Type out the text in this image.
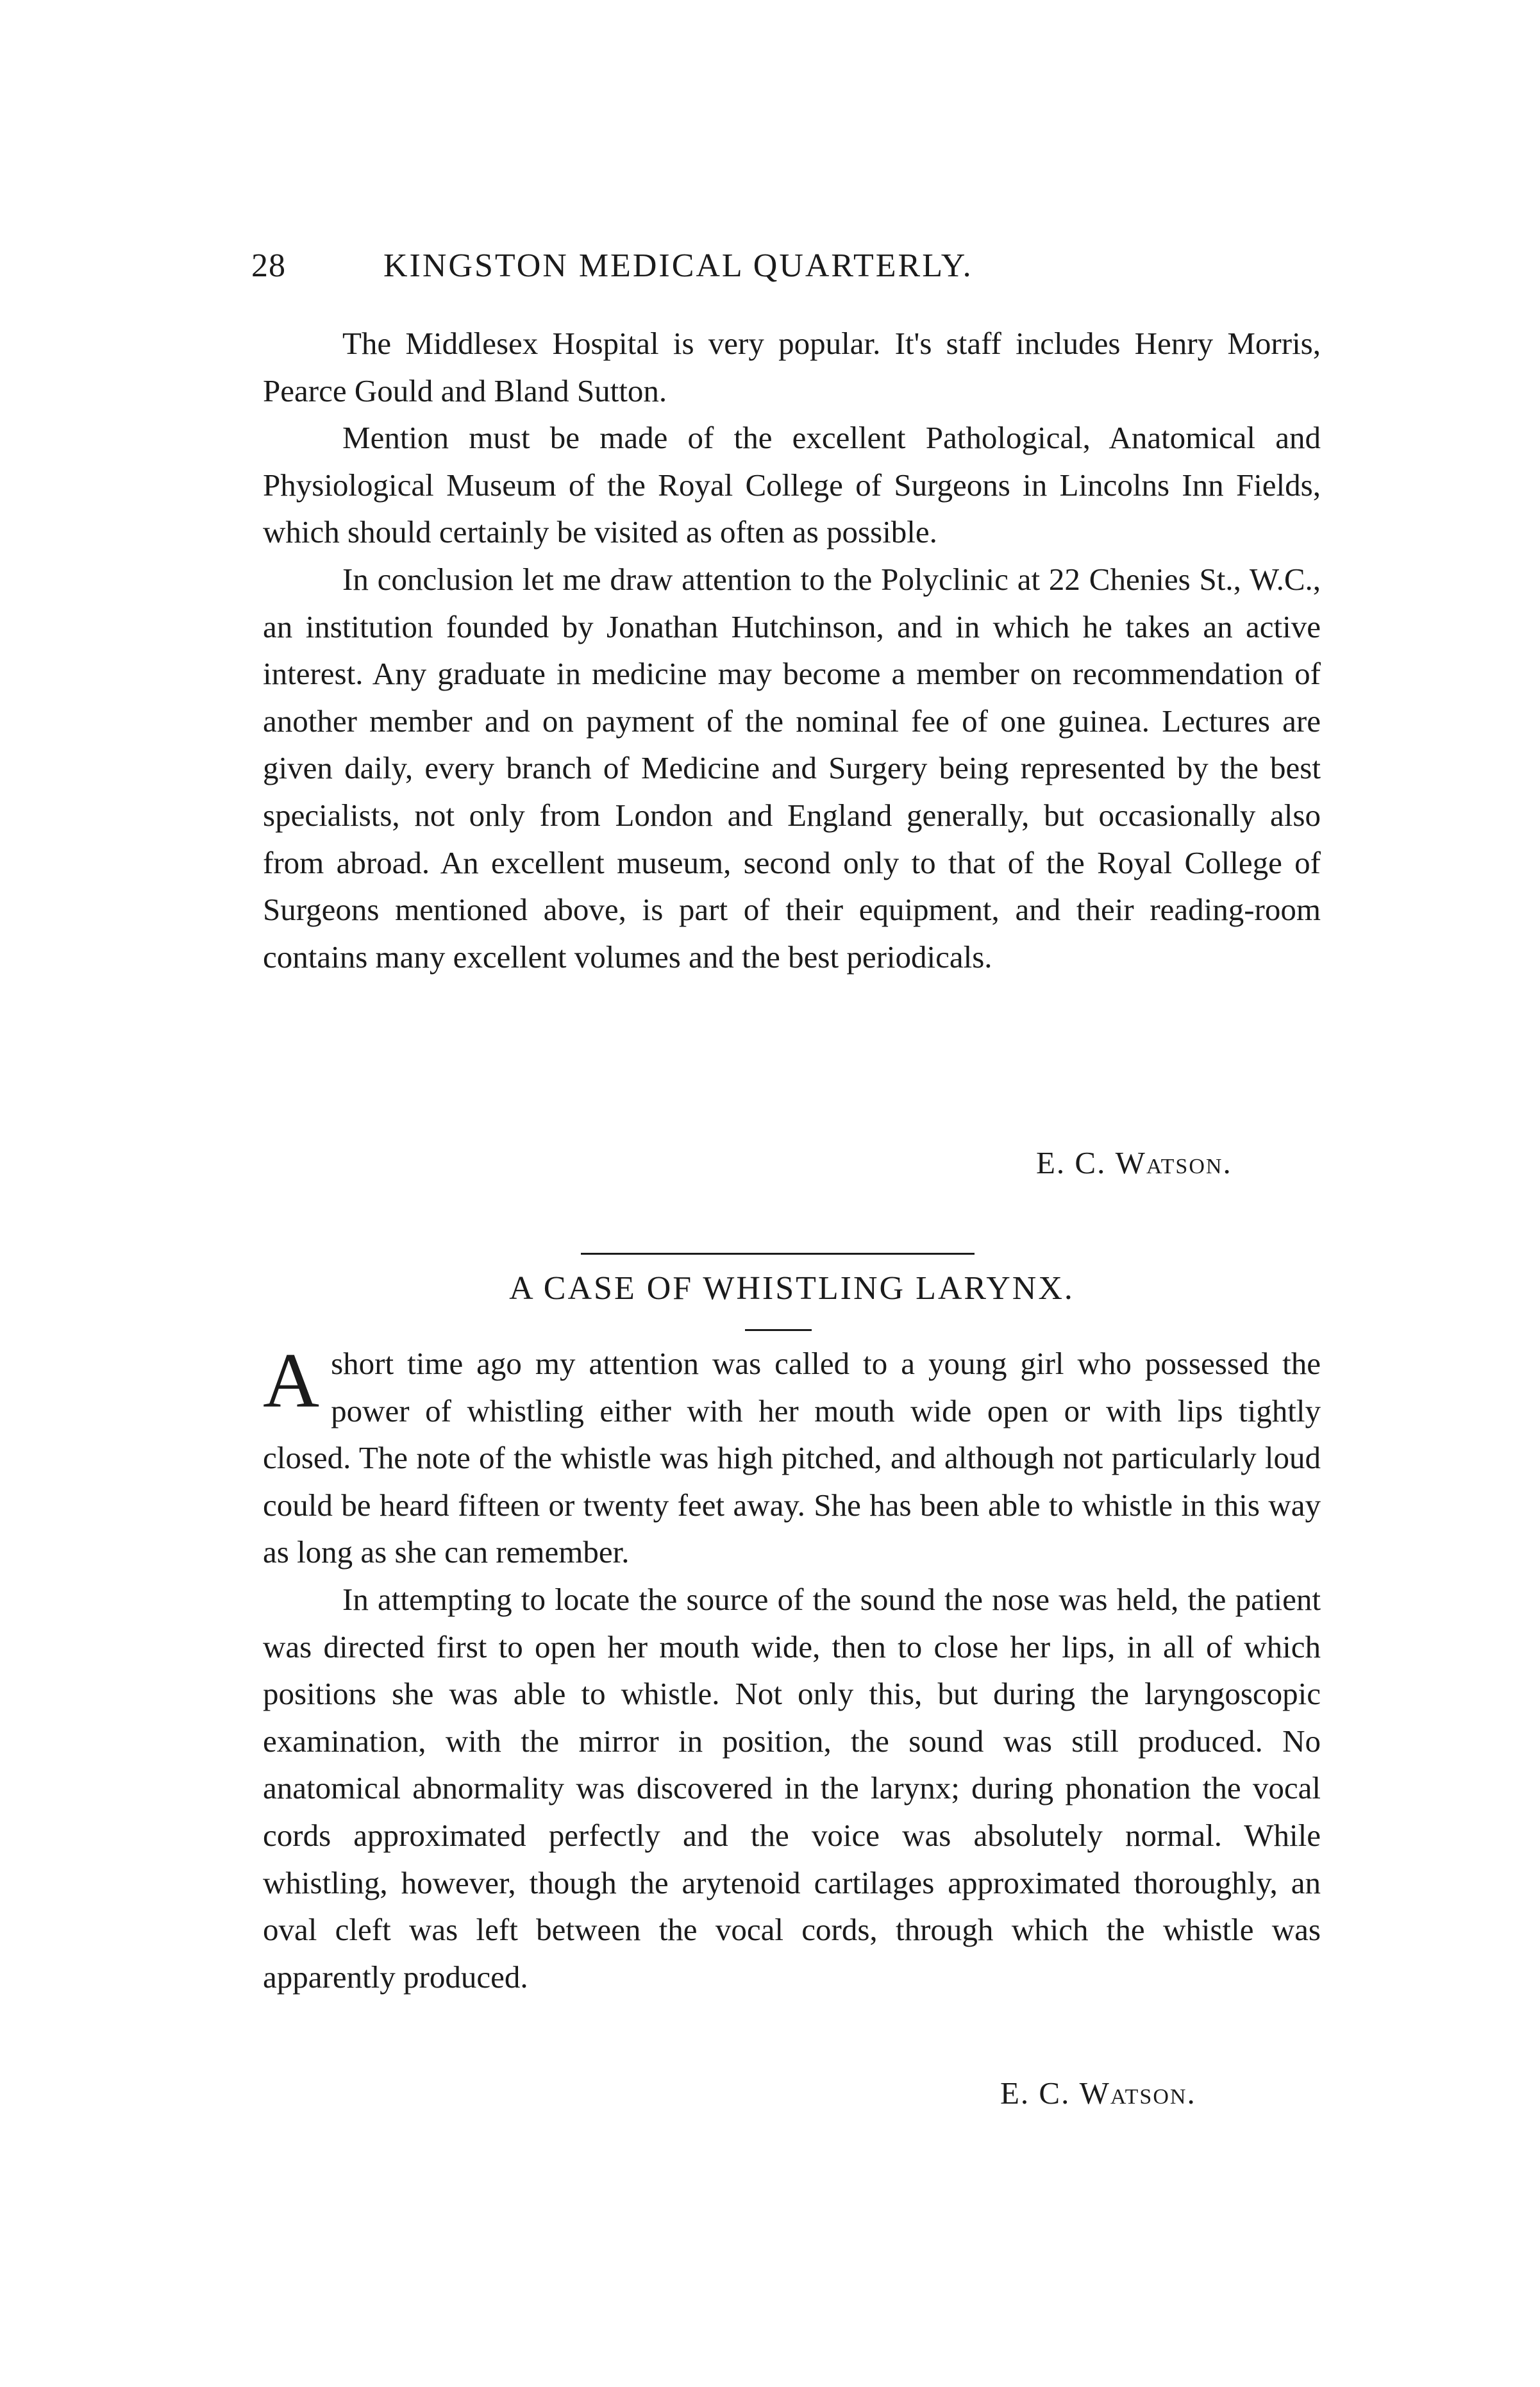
28	KINGSTON MEDICAL QUARTERLY.

The Middlesex Hospital is very popular. It's staff includes Henry Morris, Pearce Gould and Bland Sutton.

Mention must be made of the excellent Pathological, Anatomical and Physiological Museum of the Royal College of Surgeons in Lincolns Inn Fields, which should certainly be visited as often as possible.

In conclusion let me draw attention to the Polyclinic at 22 Chenies St., W.C., an institution founded by Jonathan Hutchinson, and in which he takes an active interest. Any graduate in medicine may become a member on recommendation of another member and on payment of the nominal fee of one guinea. Lectures are given daily, every branch of Medicine and Surgery being represented by the best specialists, not only from London and England generally, but occasionally also from abroad. An excellent museum, second only to that of the Royal College of Surgeons mentioned above, is part of their equipment, and their reading-room contains many excellent volumes and the best periodicals.

E. C. Watson.
A CASE OF WHISTLING LARYNX.

Ashort time ago my attention was called to a young girl who possessed the power of whistling either with her mouth wide open or with lips tightly closed. The note of the whistle was high pitched, and although not particularly loud could be heard fifteen or twenty feet away. She has been able to whistle in this way as long as she can remember.

In attempting to locate the source of the sound the nose was held, the patient was directed first to open her mouth wide, then to close her lips, in all of which positions she was able to whistle. Not only this, but during the laryngoscopic examination, with the mirror in position, the sound was still produced. No anatomical abnormality was discovered in the larynx; during phonation the vocal cords approximated perfectly and the voice was absolutely normal. While whistling, however, though the arytenoid cartilages approximated thoroughly, an oval cleft was left between the vocal cords, through which the whistle was apparently produced.

E. C. Watson.
